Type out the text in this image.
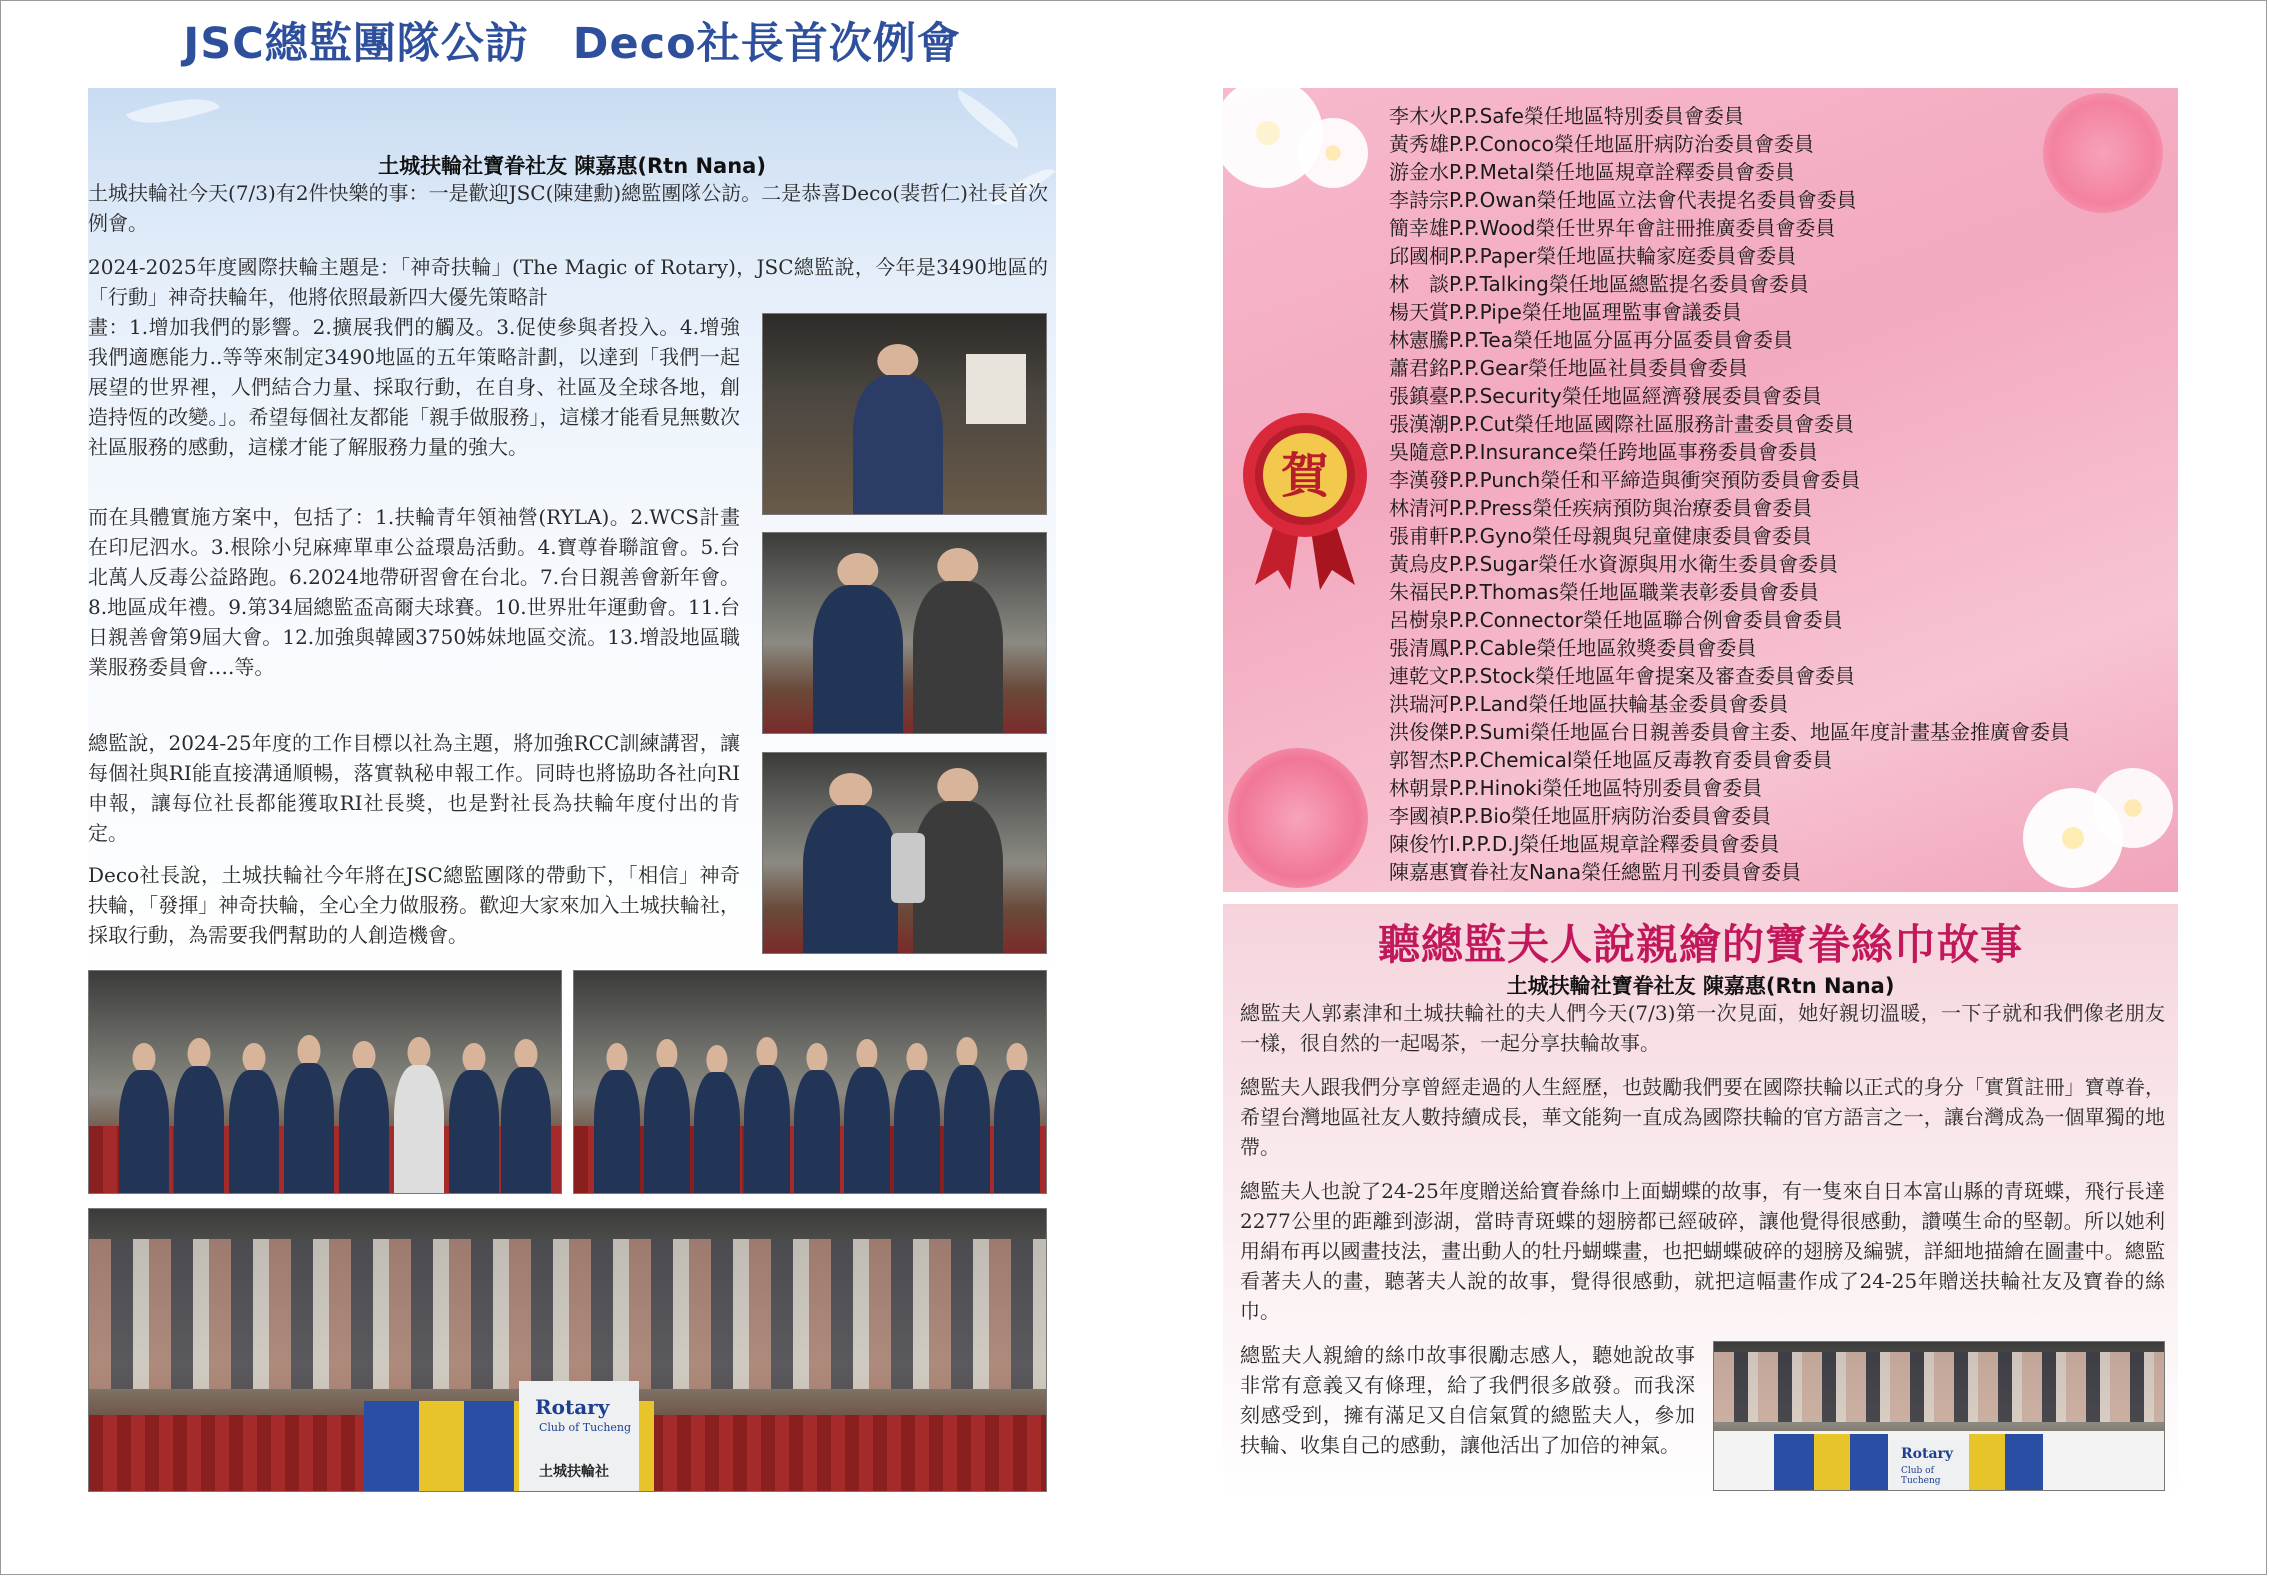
JSC總監團隊公訪　Deco社長首次例會
土城扶輪社寶眷社友 陳嘉惠(Rtn Nana)

土城扶輪社今天(7/3)有2件快樂的事：一是歡迎JSC(陳建勳)總監團隊公訪。二是恭喜Deco(裴哲仁)社長首次例會。

2024-2025年度國際扶輪主題是：「神奇扶輪」(The Magic of Rotary)，JSC總監說，今年是3490地區的「行動」神奇扶輪年，他將依照最新四大優先策略計

畫：1.增加我們的影響。2.擴展我們的觸及。3.促使參與者投入。4.增強我們適應能力..等等來制定3490地區的五年策略計劃，以達到「我們一起展望的世界裡，人們結合力量、採取行動，在自身、社區及全球各地，創造持恆的改變。」。希望每個社友都能「親手做服務」，這樣才能看見無數次社區服務的感動，這樣才能了解服務力量的強大。

而在具體實施方案中，包括了：1.扶輪青年領袖營(RYLA)。2.WCS計畫在印尼泗水。3.根除小兒麻痺單車公益環島活動。4.寶尊眷聯誼會。5.台北萬人反毒公益路跑。6.2024地帶研習會在台北。7.台日親善會新年會。8.地區成年禮。9.第34屆總監盃高爾夫球賽。10.世界壯年運動會。11.台日親善會第9屆大會。12.加強與韓國3750姊妹地區交流。13.增設地區職業服務委員會….等。

總監說，2024-25年度的工作目標以社為主題，將加強RCC訓練講習，讓每個社與RI能直接溝通順暢，落實執秘申報工作。同時也將協助各社向RI申報，讓每位社長都能獲取RI社長獎，也是對社長為扶輪年度付出的肯定。

Deco社長說，土城扶輪社今年將在JSC總監團隊的帶動下，「相信」神奇扶輪，「發揮」神奇扶輪，全心全力做服務。歡迎大家來加入土城扶輪社，採取行動，為需要我們幫助的人創造機會。

Rotary
Club of Tucheng
土城扶輪社
賀
李木火P.P.Safe榮任地區特別委員會委員
黃秀雄P.P.Conoco榮任地區肝病防治委員會委員
游金水P.P.Metal榮任地區規章詮釋委員會委員
李詩宗P.P.Owan榮任地區立法會代表提名委員會委員
簡幸雄P.P.Wood榮任世界年會註冊推廣委員會委員
邱國桐P.P.Paper榮任地區扶輪家庭委員會委員
林　談P.P.Talking榮任地區總監提名委員會委員
楊天賞P.P.Pipe榮任地區理監事會議委員
林憲騰P.P.Tea榮任地區分區再分區委員會委員
蕭君銘P.P.Gear榮任地區社員委員會委員
張鎮臺P.P.Security榮任地區經濟發展委員會委員
張漢潮P.P.Cut榮任地區國際社區服務計畫委員會委員
吳隨意P.P.Insurance榮任跨地區事務委員會委員
李漢發P.P.Punch榮任和平締造與衝突預防委員會委員
林清河P.P.Press榮任疾病預防與治療委員會委員
張甫軒P.P.Gyno榮任母親與兒童健康委員會委員
黃烏皮P.P.Sugar榮任水資源與用水衛生委員會委員
朱福民P.P.Thomas榮任地區職業表彰委員會委員
呂樹泉P.P.Connector榮任地區聯合例會委員會委員
張清鳳P.P.Cable榮任地區敘獎委員會委員
連乾文P.P.Stock榮任地區年會提案及審查委員會委員
洪瑞河P.P.Land榮任地區扶輪基金委員會委員
洪俊傑P.P.Sumi榮任地區台日親善委員會主委、地區年度計畫基金推廣會委員
郭智杰P.P.Chemical榮任地區反毒教育委員會委員
林朝景P.P.Hinoki榮任地區特別委員會委員
李國禎P.P.Bio榮任地區肝病防治委員會委員
陳俊竹I.P.P.D.J榮任地區規章詮釋委員會委員
陳嘉惠寶眷社友Nana榮任總監月刊委員會委員
聽總監夫人說親繪的寶眷絲巾故事
土城扶輪社寶眷社友 陳嘉惠(Rtn Nana)

總監夫人郭素津和土城扶輪社的夫人們今天(7/3)第一次見面，她好親切溫暖，一下子就和我們像老朋友一樣，很自然的一起喝茶，一起分享扶輪故事。

總監夫人跟我們分享曾經走過的人生經歷，也鼓勵我們要在國際扶輪以正式的身分「實質註冊」寶尊眷，希望台灣地區社友人數持續成長，華文能夠一直成為國際扶輪的官方語言之一，讓台灣成為一個單獨的地帶。

總監夫人也說了24-25年度贈送給寶眷絲巾上面蝴蝶的故事，有一隻來自日本富山縣的青斑蝶，飛行長達2277公里的距離到澎湖，當時青斑蝶的翅膀都已經破碎，讓他覺得很感動，讚嘆生命的堅韌。所以她利用絹布再以國畫技法，畫出動人的牡丹蝴蝶畫，也把蝴蝶破碎的翅膀及編號，詳細地描繪在圖畫中。總監看著夫人的畫，聽著夫人說的故事，覺得很感動，就把這幅畫作成了24-25年贈送扶輪社友及寶眷的絲巾。

總監夫人親繪的絲巾故事很勵志感人，聽她說故事非常有意義又有條理，給了我們很多啟發。而我深刻感受到，擁有滿足又自信氣質的總監夫人，參加扶輪、收集自己的感動，讓他活出了加倍的神氣。	Rotary
Club of Tucheng
